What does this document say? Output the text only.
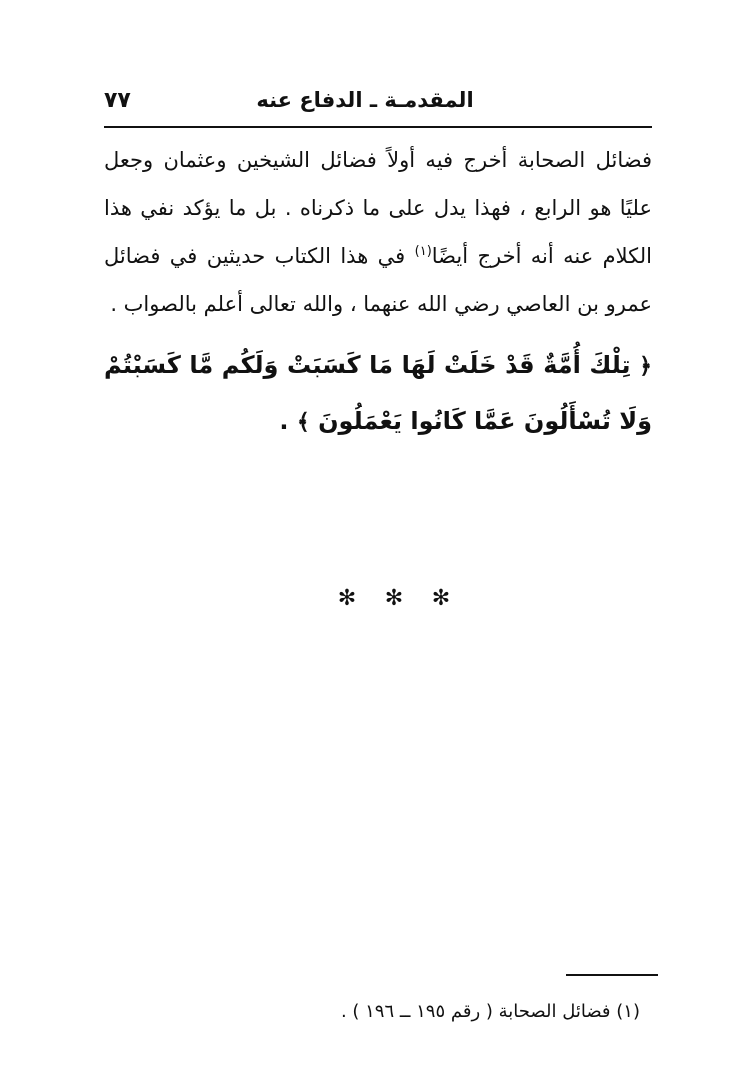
٧٧	المقدمـة ـ الدفاع عنه

فضائل الصحابة أخرج فيه أولاً فضائل الشيخين وعثمان وجعل عليًا هو الرابع ، فهذا يدل على ما ذكرناه . بل ما يؤكد نفي هذا الكلام عنه أنه أخرج أيضًا$^{(١)}$ في هذا الكتاب حديثين في فضائل عمرو بن العاصي رضي الله عنهما ، والله تعالى أعلم بالصواب .

﴿ تِلْكَ أُمَّةٌ قَدْ خَلَتْ لَهَا مَا كَسَبَتْ وَلَكُم مَّا كَسَبْتُمْ وَلَا تُسْأَلُونَ عَمَّا كَانُوا يَعْمَلُونَ ﴾ .
✻ ✻ ✻
(١) فضائل الصحابة ( رقم ١٩٥ ــ ١٩٦ ) .
